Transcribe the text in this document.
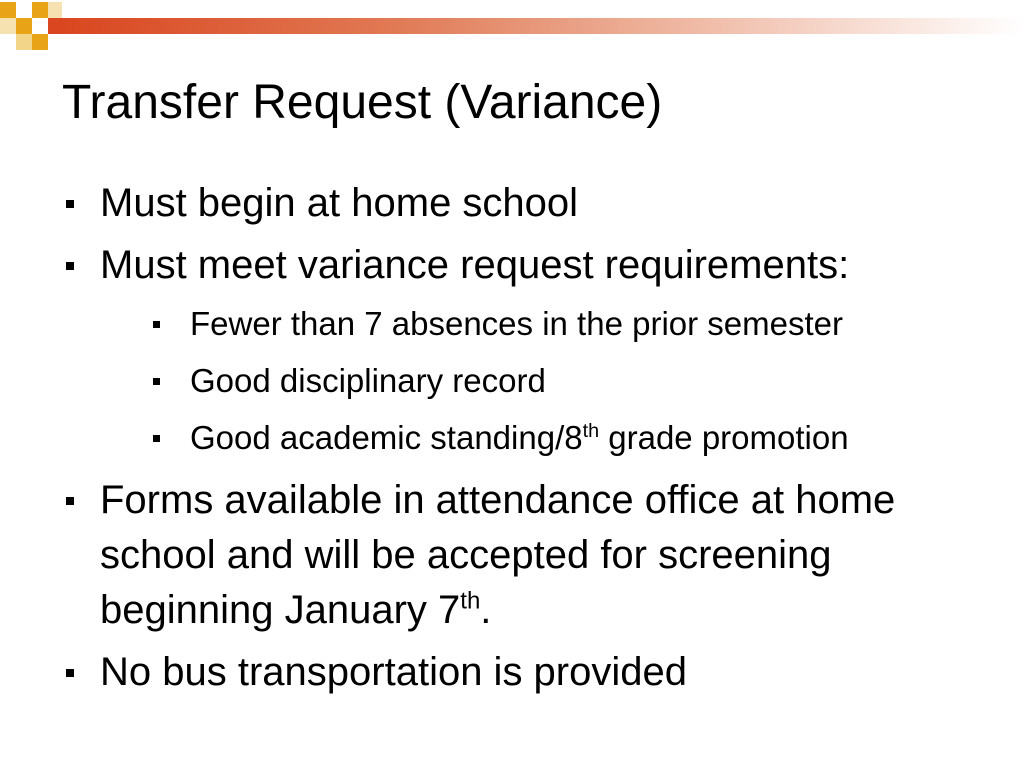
Transfer Request (Variance)
Must begin at home school
Must meet variance request requirements:
Fewer than 7 absences in the prior semester
Good disciplinary record
Good academic standing/8th grade promotion
Forms available in attendance office at home school and will be accepted for screening beginning January 7th.
No bus transportation is provided
